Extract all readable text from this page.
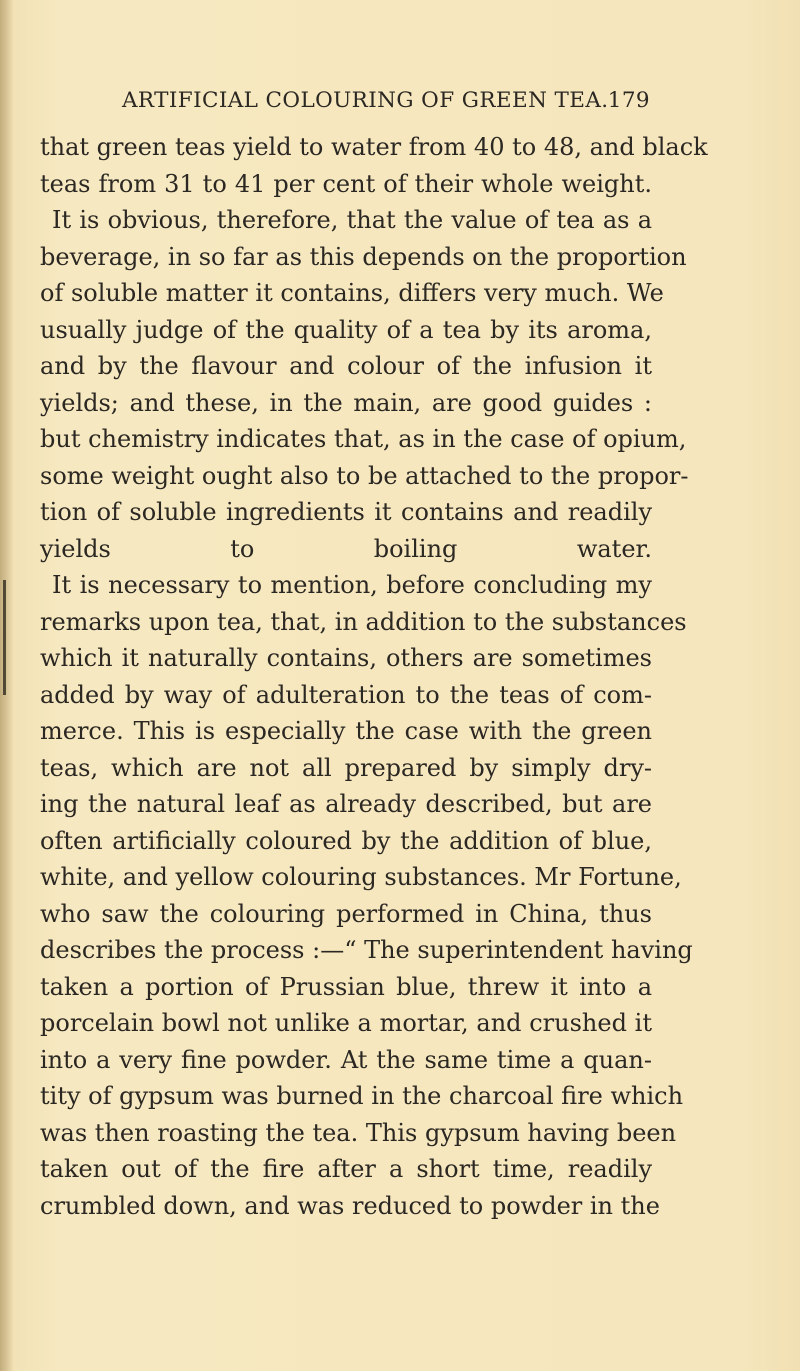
ARTIFICIAL COLOURING OF GREEN TEA. 179
that green teas yield to water from 40 to 48, and black
teas from 31 to 41 per cent of their whole weight.
It is obvious, therefore, that the value of tea as a
beverage, in so far as this depends on the proportion
of soluble matter it contains, differs very much. We
usually judge of the quality of a tea by its aroma,
and by the flavour and colour of the infusion it
yields; and these, in the main, are good guides :
but chemistry indicates that, as in the case of opium,
some weight ought also to be attached to the propor-
tion of soluble ingredients it contains and readily
yields to boiling water.
It is necessary to mention, before concluding my
remarks upon tea, that, in addition to the substances
which it naturally contains, others are sometimes
added by way of adulteration to the teas of com-
merce. This is especially the case with the green
teas, which are not all prepared by simply dry-
ing the natural leaf as already described, but are
often artificially coloured by the addition of blue,
white, and yellow colouring substances. Mr Fortune,
who saw the colouring performed in China, thus
describes the process :—“ The superintendent having
taken a portion of Prussian blue, threw it into a
porcelain bowl not unlike a mortar, and crushed it
into a very fine powder. At the same time a quan-
tity of gypsum was burned in the charcoal fire which
was then roasting the tea. This gypsum having been
taken out of the fire after a short time, readily
crumbled down, and was reduced to powder in the
